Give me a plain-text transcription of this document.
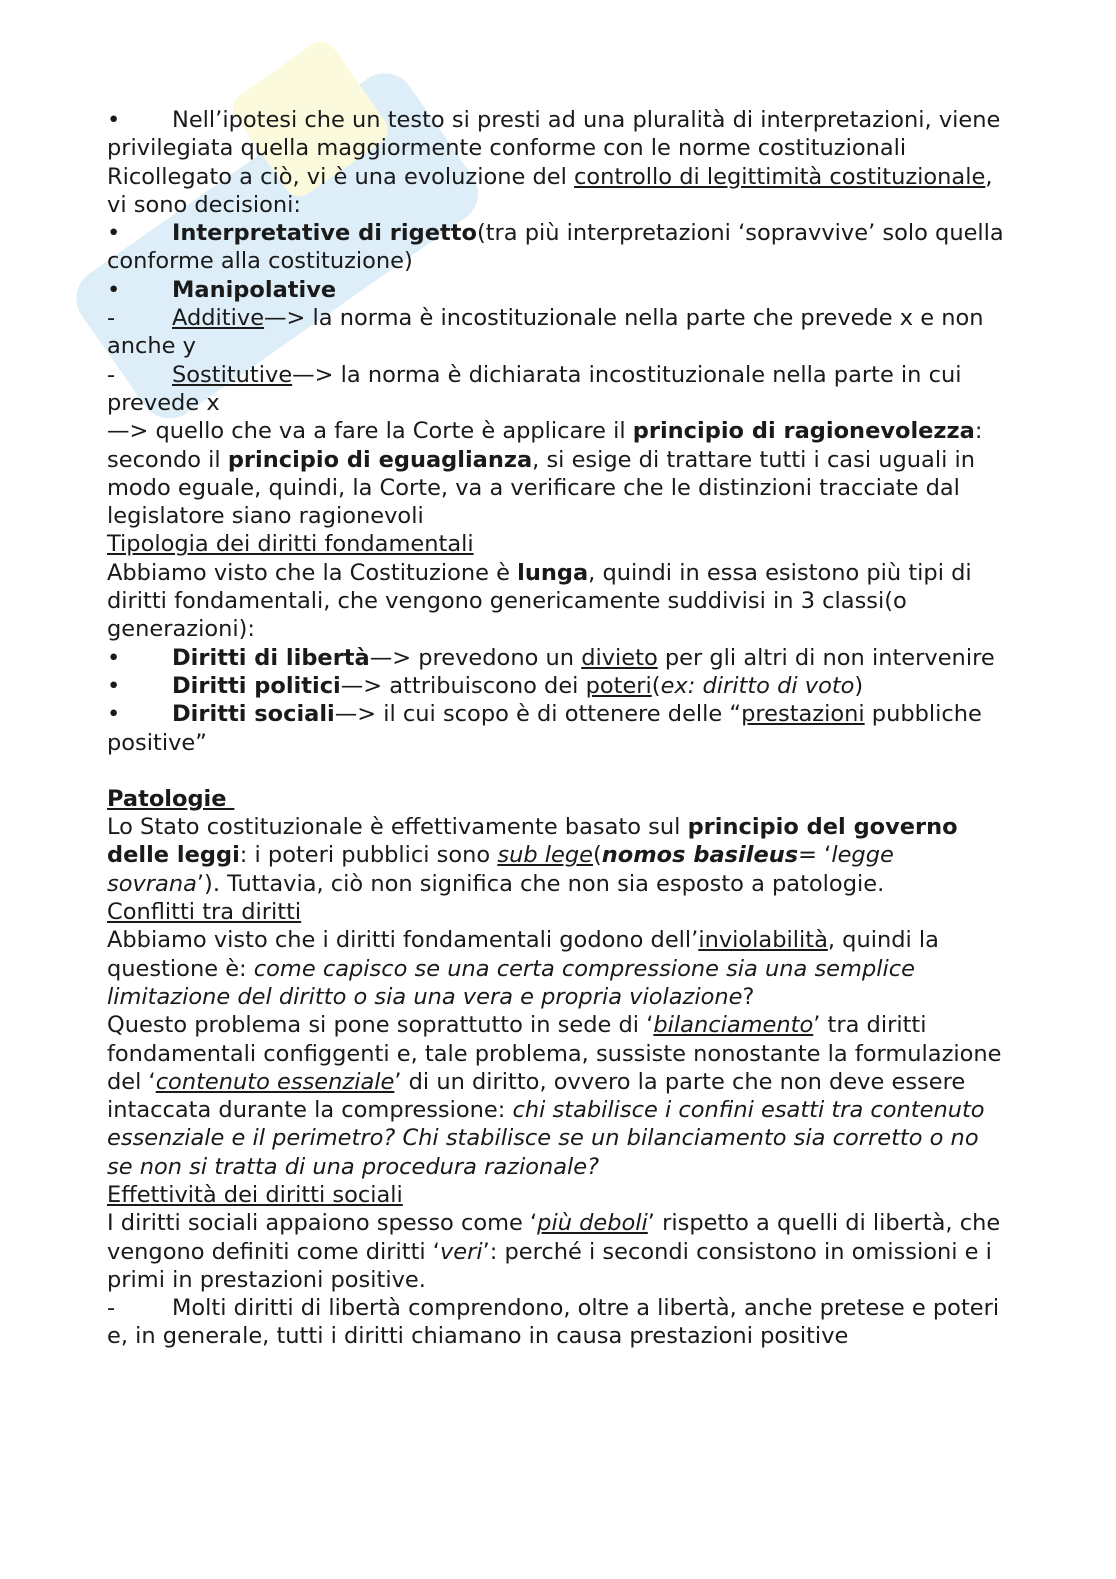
• Nell’ipotesi che un testo si presti ad una pluralità di interpretazioni, viene privilegiata quella maggiormente conforme con le norme costituzionali
Ricollegato a ciò, vi è una evoluzione del controllo di legittimità costituzionale, vi sono decisioni:
• Interpretative di rigetto(tra più interpretazioni ‘sopravvive’ solo quella conforme alla costituzione)
• Manipolative
-	Additive—> la norma è incostituzionale nella parte che prevede x e non anche y
-	Sostitutive—> la norma è dichiarata incostituzionale nella parte in cui prevede x
—> quello che va a fare la Corte è applicare il principio di ragionevolezza: secondo il principio di eguaglianza, si esige di trattare tutti i casi uguali in modo eguale, quindi, la Corte, va a verificare che le distinzioni tracciate dal legislatore siano ragionevoli
Tipologia dei diritti fondamentali
Abbiamo visto che la Costituzione è lunga, quindi in essa esistono più tipi di diritti fondamentali, che vengono genericamente suddivisi in 3 classi(o generazioni):
• Diritti di libertà—> prevedono un divieto per gli altri di non intervenire
• Diritti politici—> attribuiscono dei poteri(ex: diritto di voto)
• Diritti sociali—> il cui scopo è di ottenere delle “prestazioni pubbliche positive”
Patologie
Lo Stato costituzionale è effettivamente basato sul principio del governo delle leggi: i poteri pubblici sono sub lege(nomos basileus= ‘legge sovrana’). Tuttavia, ciò non significa che non sia esposto a patologie.
Conflitti tra diritti
Abbiamo visto che i diritti fondamentali godono dell’inviolabilità, quindi la questione è: come capisco se una certa compressione sia una semplice limitazione del diritto o sia una vera e propria violazione?
Questo problema si pone soprattutto in sede di ‘bilanciamento’ tra diritti fondamentali configgenti e, tale problema, sussiste nonostante la formulazione del ‘contenuto essenziale’ di un diritto, ovvero la parte che non deve essere intaccata durante la compressione: chi stabilisce i confini esatti tra contenuto essenziale e il perimetro? Chi stabilisce se un bilanciamento sia corretto o no se non si tratta di una procedura razionale?
Effettività dei diritti sociali
I diritti sociali appaiono spesso come ‘più deboli’ rispetto a quelli di libertà, che vengono definiti come diritti ‘veri’: perché i secondi consistono in omissioni e i primi in prestazioni positive.
-	Molti diritti di libertà comprendono, oltre a libertà, anche pretese e poteri e, in generale, tutti i diritti chiamano in causa prestazioni positive
